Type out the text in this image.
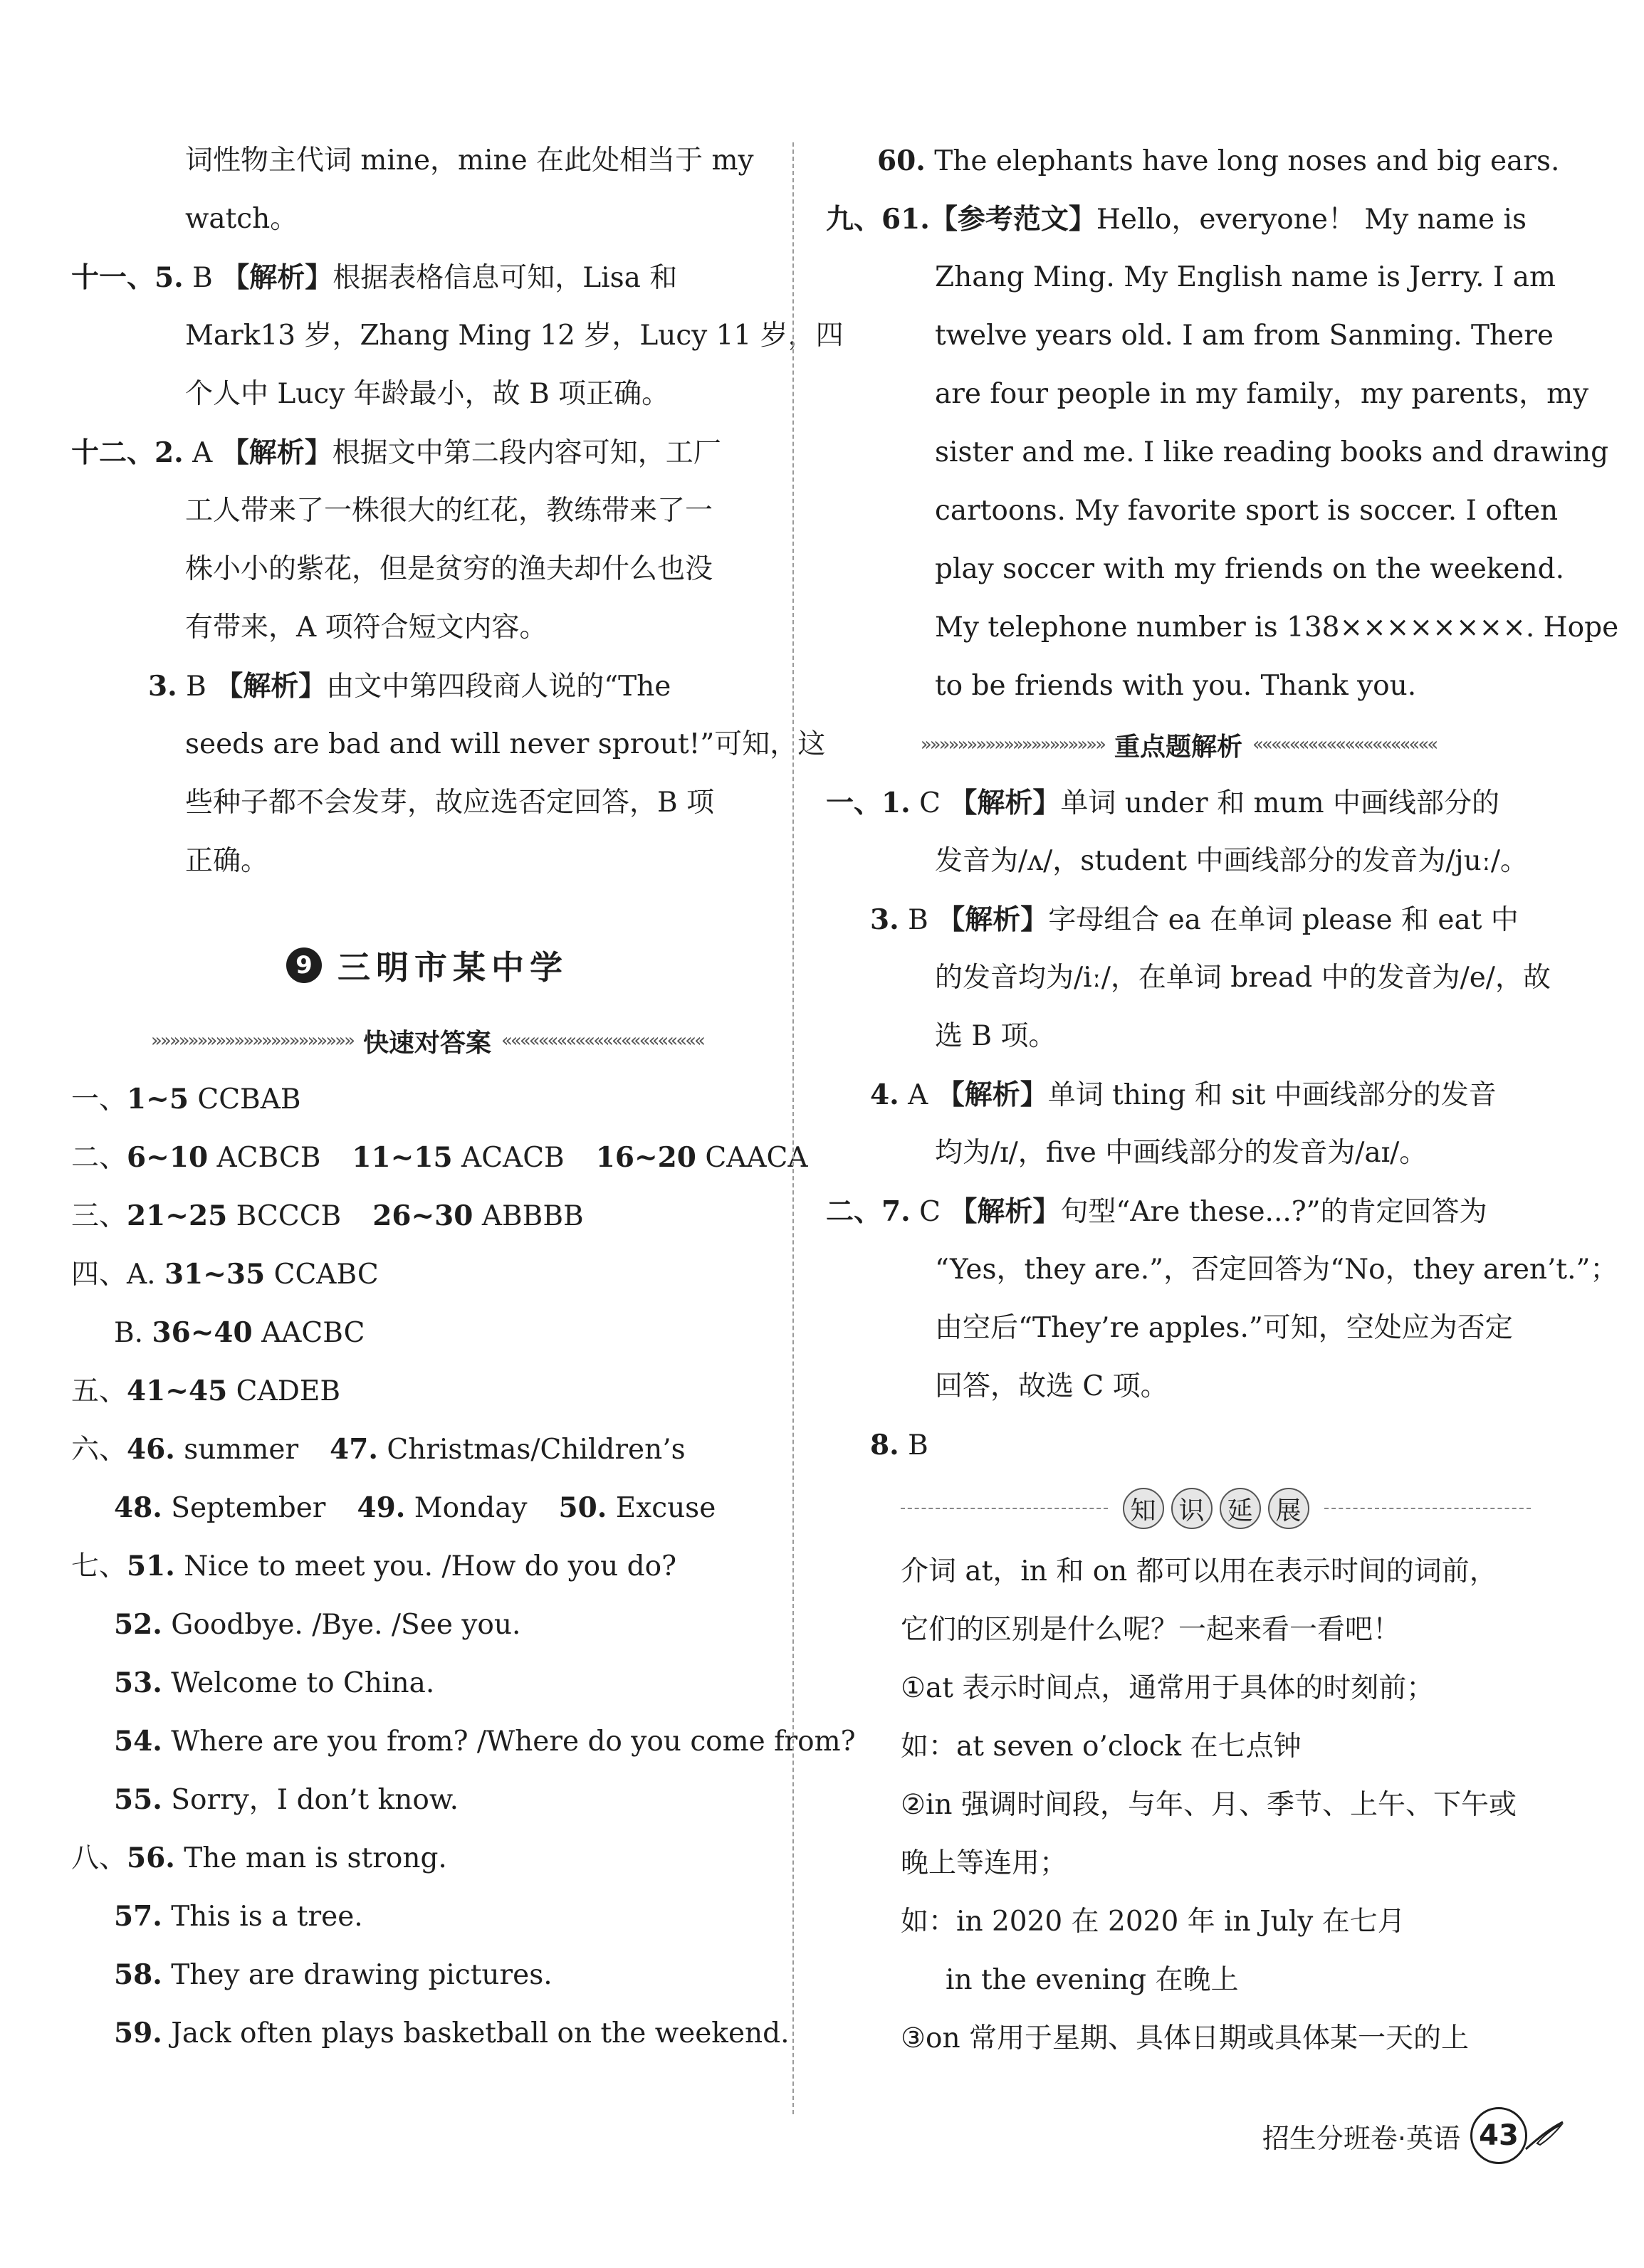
词性物主代词 mine，mine 在此处相当于 my
watch。
十一、5. B 【解析】根据表格信息可知，Lisa 和
Mark13 岁，Zhang Ming 12 岁，Lucy 11 岁，四
个人中 Lucy 年龄最小，故 B 项正确。
十二、2. A 【解析】根据文中第二段内容可知，工厂
工人带来了一株很大的红花，教练带来了一
株小小的紫花，但是贫穷的渔夫却什么也没
有带来，A 项符合短文内容。
3. B 【解析】由文中第四段商人说的“The
seeds are bad and will never sprout!”可知，这
些种子都不会发芽，故应选否定回答，B 项
正确。
9 三明市某中学
»»»»»»»»»»»»»»»»»»»»»» 快速对答案 ««««««««««««««««««««««
一、1~5 CCBAB
二、6~10 ACBCB 11~15 ACACB 16~20 CAACA
三、21~25 BCCCB 26~30 ABBBB
四、A. 31~35 CCABC
B. 36~40 AACBC
五、41~45 CADEB
六、46. summer 47. Christmas/Children’s
48. September 49. Monday 50. Excuse
七、51. Nice to meet you. /How do you do?
52. Goodbye. /Bye. /See you.
53. Welcome to China.
54. Where are you from? /Where do you come from?
55. Sorry，I don’t know.
八、56. The man is strong.
57. This is a tree.
58. They are drawing pictures.
59. Jack often plays basketball on the weekend.
60. The elephants have long noses and big ears.
九、61.【参考范文】Hello，everyone！ My name is
Zhang Ming. My English name is Jerry. I am
twelve years old. I am from Sanming. There
are four people in my family，my parents，my
sister and me. I like reading books and drawing
cartoons. My favorite sport is soccer. I often
play soccer with my friends on the weekend.
My telephone number is 138××××××××. Hope
to be friends with you. Thank you.
»»»»»»»»»»»»»»»»»»»» 重点题解析 ««««««««««««««««««««
一、1. C 【解析】单词 under 和 mum 中画线部分的
发音为/ʌ/，student 中画线部分的发音为/juː/。
3. B 【解析】字母组合 ea 在单词 please 和 eat 中
的发音均为/iː/，在单词 bread 中的发音为/e/，故
选 B 项。
4. A 【解析】单词 thing 和 sit 中画线部分的发音
均为/ɪ/，five 中画线部分的发音为/aɪ/。
二、7. C 【解析】句型“Are these...?”的肯定回答为
“Yes，they are.”，否定回答为“No，they aren’t.”；
由空后“They’re apples.”可知，空处应为否定
回答，故选 C 项。
8. B
知 识 延 展
介词 at，in 和 on 都可以用在表示时间的词前，
它们的区别是什么呢？一起来看一看吧！
①at 表示时间点，通常用于具体的时刻前；
如：at seven o’clock 在七点钟
②in 强调时间段，与年、月、季节、上午、下午或
晚上等连用；
如：in 2020 在 2020 年 in July 在七月
in the evening 在晚上
③on 常用于星期、具体日期或具体某一天的上
招生分班卷·英语 43
